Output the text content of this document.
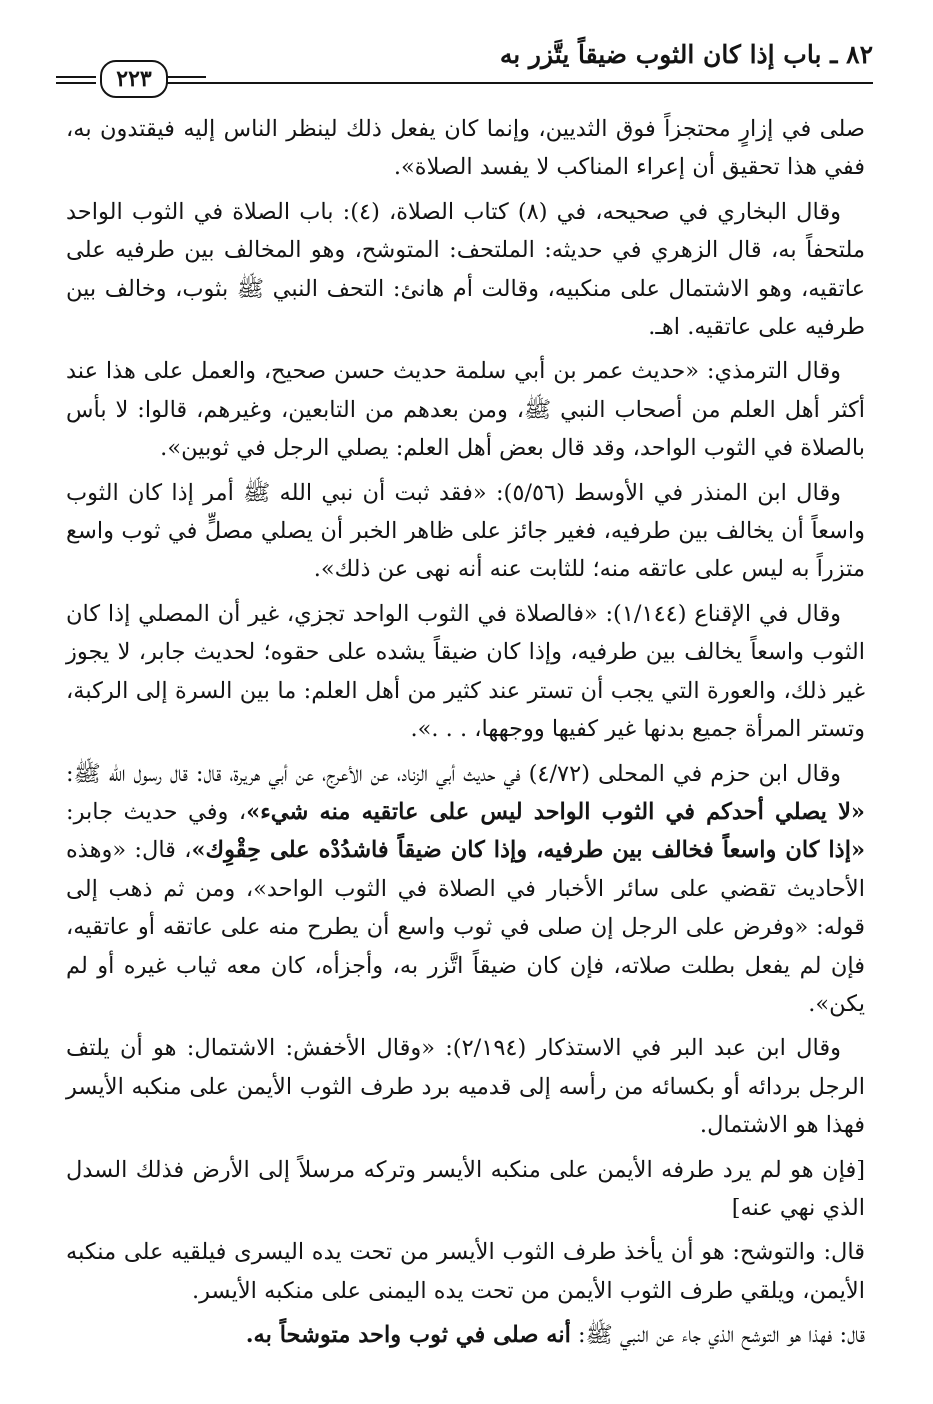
٨٢ ـ باب إذا كان الثوب ضيقاً يتَّزر به
٢٢٣

صلى في إزارٍ محتجزاً فوق الثديين، وإنما كان يفعل ذلك لينظر الناس إليه فيقتدون به، ففي هذا تحقيق أن إعراء المناكب لا يفسد الصلاة».

وقال البخاري في صحيحه، في (٨) كتاب الصلاة، (٤): باب الصلاة في الثوب الواحد ملتحفاً به، قال الزهري في حديثه: الملتحف: المتوشح، وهو المخالف بين طرفيه على عاتقيه، وهو الاشتمال على منكبيه، وقالت أم هانئ: التحف النبي ﷺ بثوب، وخالف بين طرفيه على عاتقيه. اهـ.

وقال الترمذي: «حديث عمر بن أبي سلمة حديث حسن صحيح، والعمل على هذا عند أكثر أهل العلم من أصحاب النبي ﷺ، ومن بعدهم من التابعين، وغيرهم، قالوا: لا بأس بالصلاة في الثوب الواحد، وقد قال بعض أهل العلم: يصلي الرجل في ثوبين».

وقال ابن المنذر في الأوسط (٥/٥٦): «فقد ثبت أن نبي الله ﷺ أمر إذا كان الثوب واسعاً أن يخالف بين طرفيه، فغير جائز على ظاهر الخبر أن يصلي مصلٍّ في ثوب واسع متزراً به ليس على عاتقه منه؛ للثابت عنه أنه نهى عن ذلك».

وقال في الإقناع (١/١٤٤): «فالصلاة في الثوب الواحد تجزي، غير أن المصلي إذا كان الثوب واسعاً يخالف بين طرفيه، وإذا كان ضيقاً يشده على حقوه؛ لحديث جابر، لا يجوز غير ذلك، والعورة التي يجب أن تستر عند كثير من أهل العلم: ما بين السرة إلى الركبة، وتستر المرأة جميع بدنها غير كفيها ووجهها، . . .».

وقال ابن حزم في المحلى (٤/٧٢) في حديث أبي الزناد، عن الأعرج، عن أبي هريرة، قال: قال رسول الله ﷺ: «لا يصلي أحدكم في الثوب الواحد ليس على عاتقيه منه شيء»، وفي حديث جابر: «إذا كان واسعاً فخالف بين طرفيه، وإذا كان ضيقاً فاشدُدْه على حِقْوِك»، قال: «وهذه الأحاديث تقضي على سائر الأخبار في الصلاة في الثوب الواحد»، ومن ثم ذهب إلى قوله: «وفرض على الرجل إن صلى في ثوب واسع أن يطرح منه على عاتقه أو عاتقيه، فإن لم يفعل بطلت صلاته، فإن كان ضيقاً اتَّزر به، وأجزأه، كان معه ثياب غيره أو لم يكن».

وقال ابن عبد البر في الاستذكار (٢/١٩٤): «وقال الأخفش: الاشتمال: هو أن يلتف الرجل بردائه أو بكسائه من رأسه إلى قدميه برد طرف الثوب الأيمن على منكبه الأيسر فهذا هو الاشتمال.

[فإن هو لم يرد طرفه الأيمن على منكبه الأيسر وتركه مرسلاً إلى الأرض فذلك السدل الذي نهي عنه]

قال: والتوشح: هو أن يأخذ طرف الثوب الأيسر من تحت يده اليسرى فيلقيه على منكبه الأيمن، ويلقي طرف الثوب الأيمن من تحت يده اليمنى على منكبه الأيسر.

قال: فهذا هو التوشح الذي جاء عن النبي ﷺ: أنه صلى في ثوب واحد متوشحاً به.
